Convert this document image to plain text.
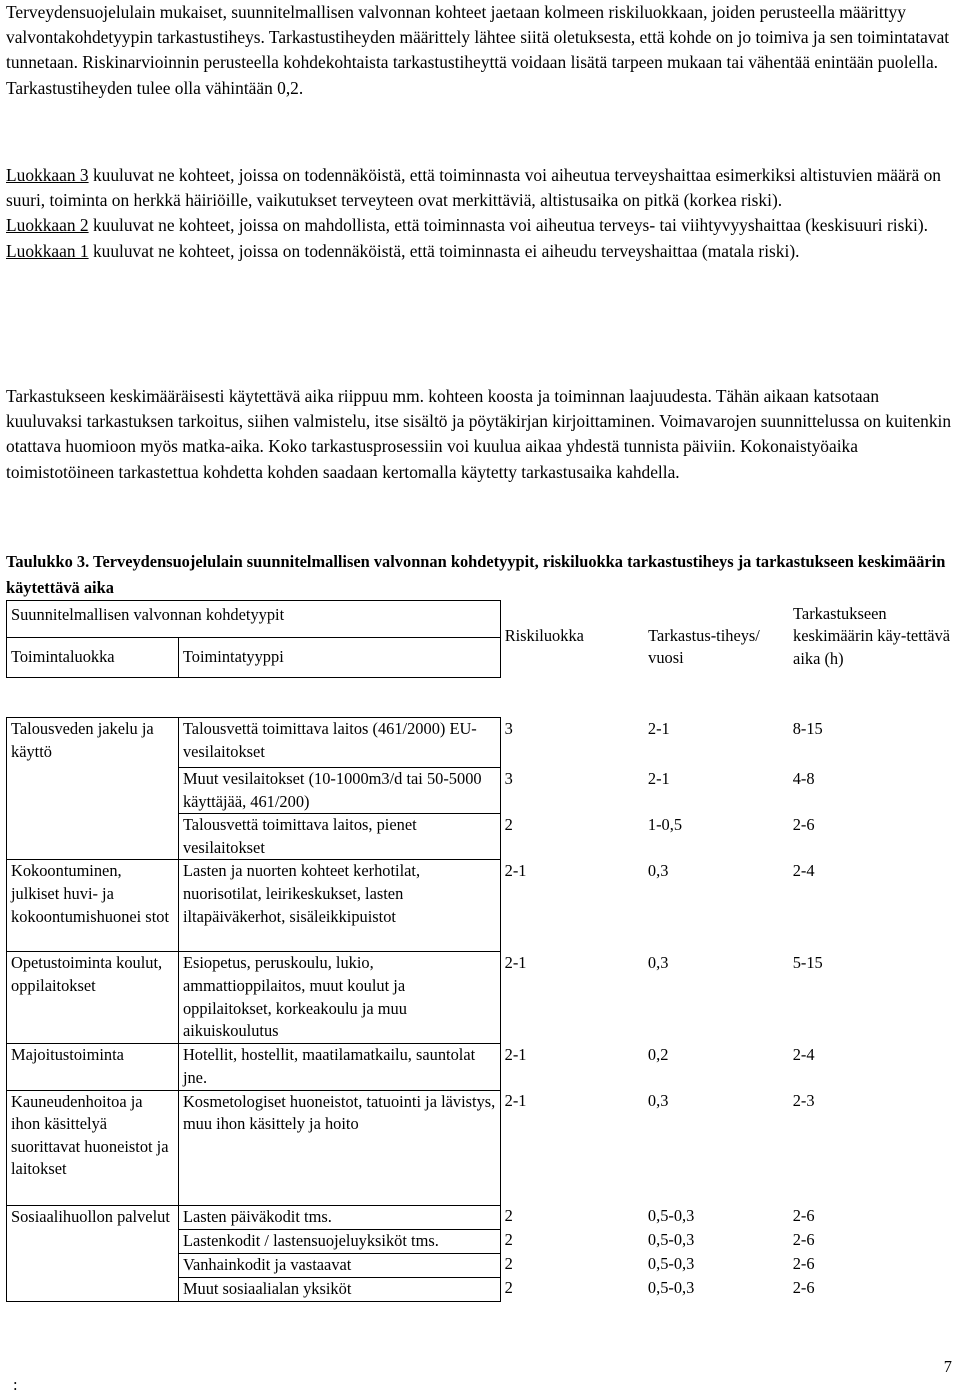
Terveydensuojelulain mukaiset, suunnitelmallisen valvonnan kohteet jaetaan kolmeen riskiluokkaan, joiden perusteella määrittyy valvontakohdetyypin tarkastustiheys. Tarkastustiheyden määrittely lähtee siitä oletuksesta, että kohde on jo toimiva ja sen toimintatavat tunnetaan. Riskinarvioinnin perusteella kohdekohtaista tarkastustiheyttä voidaan lisätä tarpeen mukaan tai vähentää enintään puolella. Tarkastustiheyden tulee olla vähintään 0,2.

Luokkaan 3 kuuluvat ne kohteet, joissa on todennäköistä, että toiminnasta voi aiheutua terveyshaittaa esimerkiksi altistuvien määrä on suuri, toiminta on herkkä häiriöille, vaikutukset terveyteen ovat merkittäviä, altistusaika on pitkä (korkea riski).
Luokkaan 2 kuuluvat ne kohteet, joissa on mahdollista, että toiminnasta voi aiheutua terveys- tai viihtyvyyshaittaa (keskisuuri riski).
Luokkaan 1 kuuluvat ne kohteet, joissa on todennäköistä, että toiminnasta ei aiheudu terveyshaittaa (matala riski).

Tarkastukseen keskimääräisesti käytettävä aika riippuu mm. kohteen koosta ja toiminnan laajuudesta. Tähän aikaan katsotaan kuuluvaksi tarkastuksen tarkoitus, siihen valmistelu, itse sisältö ja pöytäkirjan kirjoittaminen. Voimavarojen suunnittelussa on kuitenkin otattava huomioon myös matka-aika. Koko tarkastusprosessiin voi kuulua aikaa yhdestä tunnista päiviin. Kokonaistyöaika toimistotöineen tarkastettua kohdetta kohden saadaan kertomalla käytetty tarkastusaika kahdella.

Taulukko 3. Terveydensuojelulain suunnitelmallisen valvonnan kohdetyypit, riskiluokka tarkastustiheys ja tarkastukseen keskimäärin käytettävä aika
Suunnitelmallisen valvonnan kohdetyypit		Riskiluokka	Tarkastus-tiheys/ vuosi	Tarkastukseen keskimäärin käy-tettävä aika (h)
Toimintaluokka	Toimintatyyppi			
Talousveden jakelu ja käyttö	Talousvettä toimittava laitos (461/2000) EU-vesilaitokset	3	2-1	8-15
	Muut vesilaitokset (10-1000m3/d tai 50-5000 käyttäjää, 461/200)	3	2-1	4-8
	Talousvettä toimittava laitos, pienet vesilaitokset	2	1-0,5	2-6
Kokoontuminen, julkiset huvi- ja kokoontumishuonei stot	Lasten ja nuorten kohteet kerhotilat, nuorisotilat, leirikeskukset, lasten iltapäiväkerhot, sisäleikkipuistot	2-1	0,3	2-4
Opetustoiminta koulut, oppilaitokset	Esiopetus, peruskoulu, lukio, ammattioppilaitos, muut koulut ja oppilaitokset, korkeakoulu ja muu aikuiskoulutus	2-1	0,3	5-15
Majoitustoiminta	Hotellit, hostellit, maatilamatkailu, sauntolat jne.	2-1	0,2	2-4
Kauneudenhoitoa ja ihon käsittelyä suorittavat huoneistot ja laitokset	Kosmetologiset huoneistot, tatuointi ja lävistys, muu ihon käsittely ja hoito	2-1	0,3	2-3
Sosiaalihuollon palvelut	Lasten päiväkodit tms.	2	0,5-0,3	2-6
	Lastenkodit / lastensuojeluyksiköt tms.	2	0,5-0,3	2-6
	Vanhainkodit ja vastaavat	2	0,5-0,3	2-6
	Muut sosiaalialan yksiköt	2	0,5-0,3	2-6
7
:
